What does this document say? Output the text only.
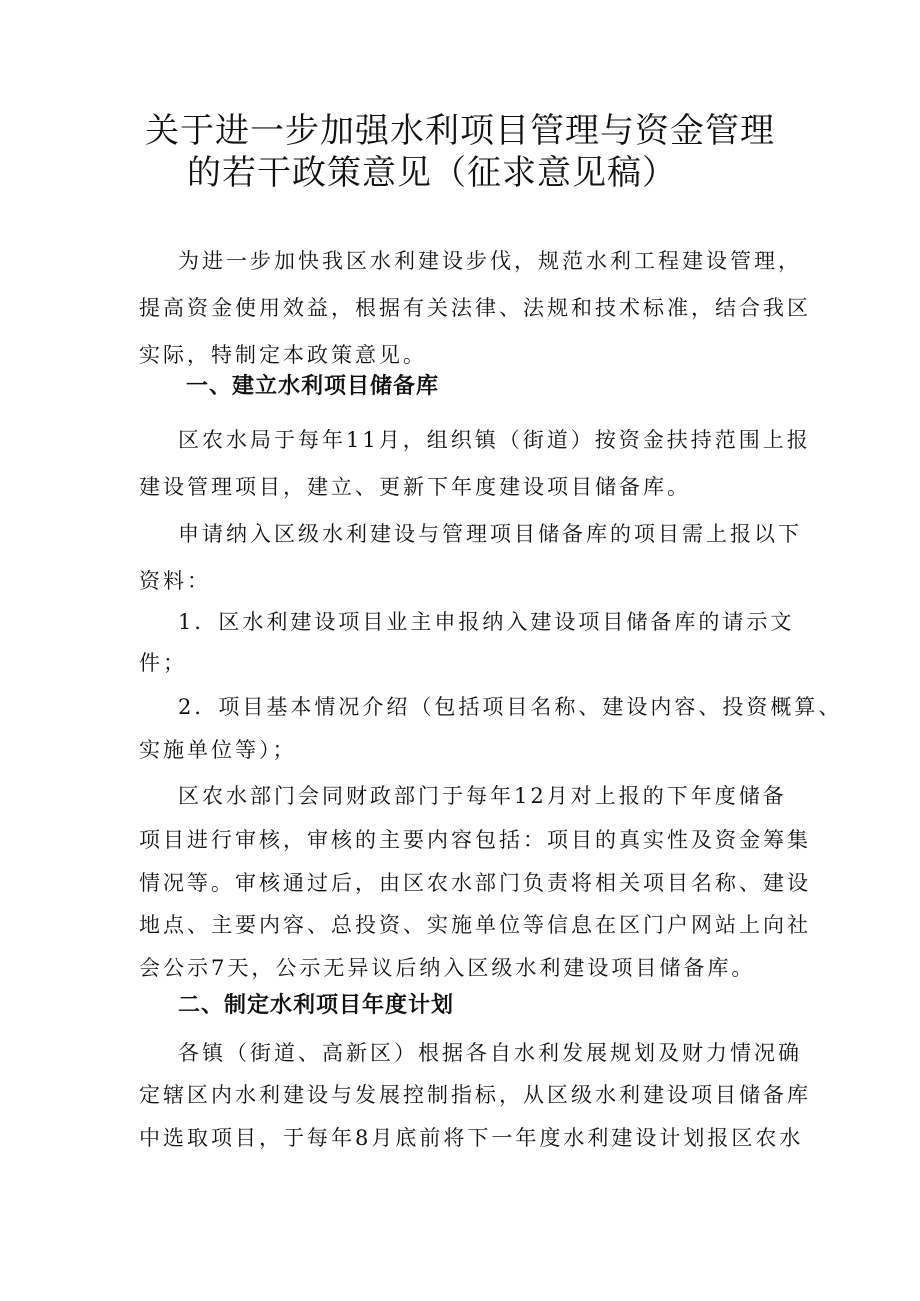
关于进一步加强水利项目管理与资金管理
的若干政策意见（征求意见稿）
为进一步加快我区水利建设步伐，规范水利工程建设管理，
提高资金使用效益，根据有关法律、法规和技术标准，结合我区
实际，特制定本政策意见。
一、建立水利项目储备库
区农水局于每年11月，组织镇（街道）按资金扶持范围上报
建设管理项目，建立、更新下年度建设项目储备库。
申请纳入区级水利建设与管理项目储备库的项目需上报以下
资料：
1．区水利建设项目业主申报纳入建设项目储备库的请示文
件；
2．项目基本情况介绍（包括项目名称、建设内容、投资概算、
实施单位等）；
区农水部门会同财政部门于每年12月对上报的下年度储备
项目进行审核，审核的主要内容包括：项目的真实性及资金筹集
情况等。审核通过后，由区农水部门负责将相关项目名称、建设
地点、主要内容、总投资、实施单位等信息在区门户网站上向社
会公示7天，公示无异议后纳入区级水利建设项目储备库。
二、制定水利项目年度计划
各镇（街道、高新区）根据各自水利发展规划及财力情况确
定辖区内水利建设与发展控制指标，从区级水利建设项目储备库
中选取项目，于每年8月底前将下一年度水利建设计划报区农水
